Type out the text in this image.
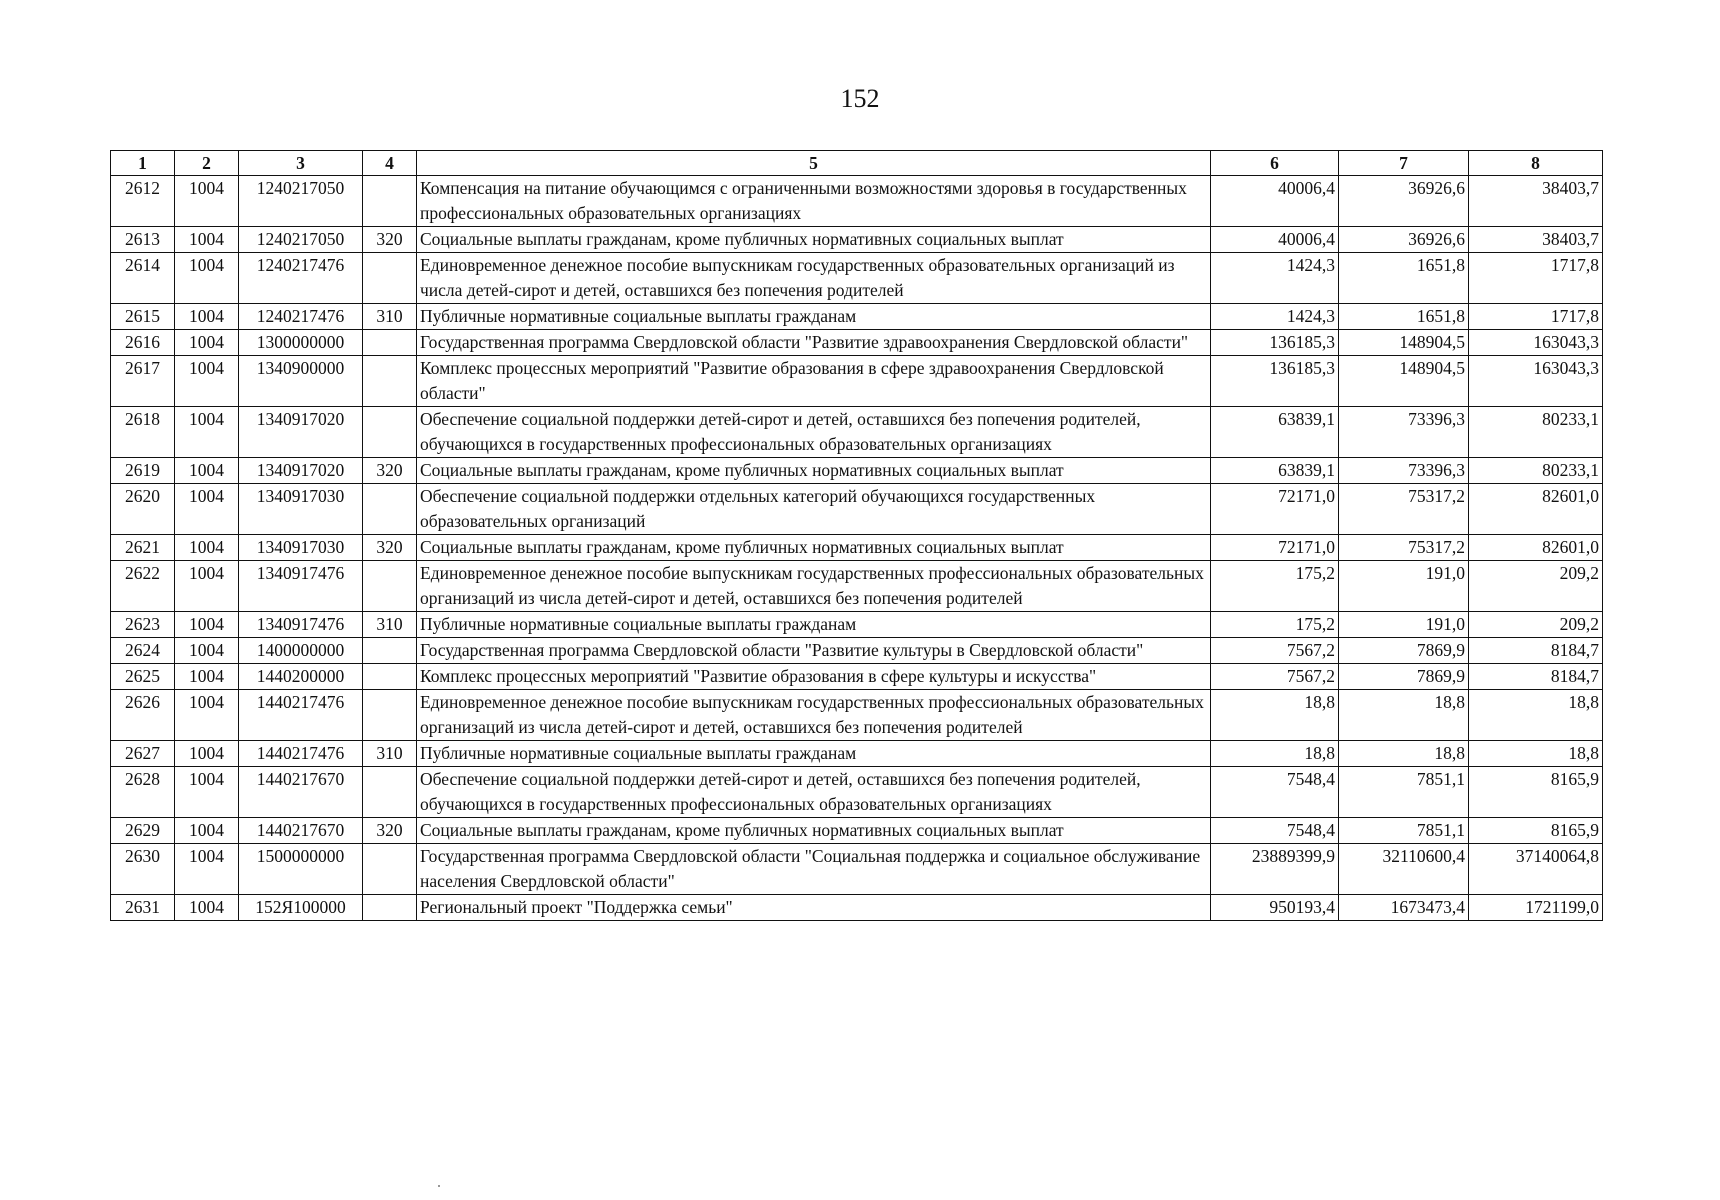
152
1	2	3	4	5	6	7	8
2612	1004	1240217050		Компенсация на питание обучающимся с ограниченными возможностями здоровья в государственных профессиональных образовательных организациях	40006,4	36926,6	38403,7
2613	1004	1240217050	320	Социальные выплаты гражданам, кроме публичных нормативных социальных выплат	40006,4	36926,6	38403,7
2614	1004	1240217476		Единовременное денежное пособие выпускникам государственных образовательных организаций из числа детей-сирот и детей, оставшихся без попечения родителей	1424,3	1651,8	1717,8
2615	1004	1240217476	310	Публичные нормативные социальные выплаты гражданам	1424,3	1651,8	1717,8
2616	1004	1300000000		Государственная программа Свердловской области "Развитие здравоохранения Свердловской области"	136185,3	148904,5	163043,3
2617	1004	1340900000		Комплекс процессных мероприятий "Развитие образования в сфере здравоохранения Свердловской области"	136185,3	148904,5	163043,3
2618	1004	1340917020		Обеспечение социальной поддержки детей-сирот и детей, оставшихся без попечения родителей, обучающихся в государственных профессиональных образовательных организациях	63839,1	73396,3	80233,1
2619	1004	1340917020	320	Социальные выплаты гражданам, кроме публичных нормативных социальных выплат	63839,1	73396,3	80233,1
2620	1004	1340917030		Обеспечение социальной поддержки отдельных категорий обучающихся государственных образовательных организаций	72171,0	75317,2	82601,0
2621	1004	1340917030	320	Социальные выплаты гражданам, кроме публичных нормативных социальных выплат	72171,0	75317,2	82601,0
2622	1004	1340917476		Единовременное денежное пособие выпускникам государственных профессиональных образовательных организаций из числа детей-сирот и детей, оставшихся без попечения родителей	175,2	191,0	209,2
2623	1004	1340917476	310	Публичные нормативные социальные выплаты гражданам	175,2	191,0	209,2
2624	1004	1400000000		Государственная программа Свердловской области "Развитие культуры в Свердловской области"	7567,2	7869,9	8184,7
2625	1004	1440200000		Комплекс процессных мероприятий "Развитие образования в сфере культуры и искусства"	7567,2	7869,9	8184,7
2626	1004	1440217476		Единовременное денежное пособие выпускникам государственных профессиональных образовательных организаций из числа детей-сирот и детей, оставшихся без попечения родителей	18,8	18,8	18,8
2627	1004	1440217476	310	Публичные нормативные социальные выплаты гражданам	18,8	18,8	18,8
2628	1004	1440217670		Обеспечение социальной поддержки детей-сирот и детей, оставшихся без попечения родителей, обучающихся в государственных профессиональных образовательных организациях	7548,4	7851,1	8165,9
2629	1004	1440217670	320	Социальные выплаты гражданам, кроме публичных нормативных социальных выплат	7548,4	7851,1	8165,9
2630	1004	1500000000		Государственная программа Свердловской области "Социальная поддержка и социальное обслуживание населения Свердловской области"	23889399,9	32110600,4	37140064,8
2631	1004	152Я100000		Региональный проект "Поддержка семьи"	950193,4	1673473,4	1721199,0
